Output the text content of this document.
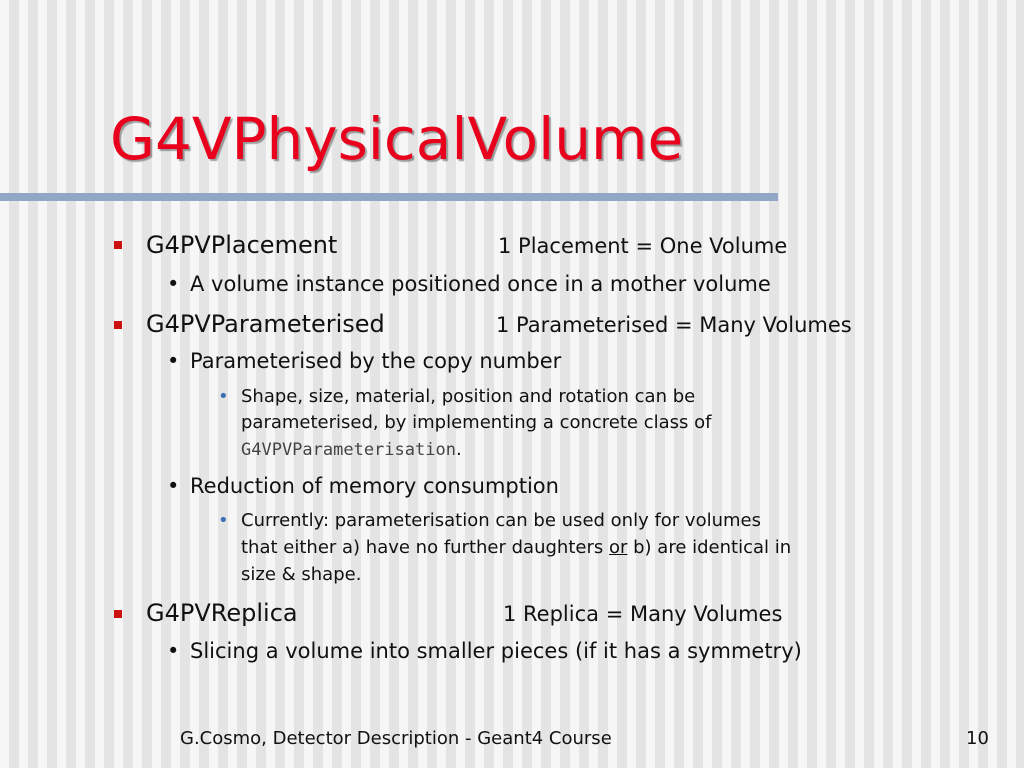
G4VPhysicalVolume
G4PVPlacement	1 Placement = One Volume
• A volume instance positioned once in a mother volume
G4PVParameterised	1 Parameterised = Many Volumes
• Parameterised by the copy number
• Shape, size, material, position and rotation can be
parameterised, by implementing a concrete class of
G4VPVParameterisation.
• Reduction of memory consumption
• Currently: parameterisation can be used only for volumes
that either a) have no further daughters or b) are identical in
size & shape.
G4PVReplica	1 Replica = Many Volumes
• Slicing a volume into smaller pieces (if it has a symmetry)
G.Cosmo, Detector Description - Geant4 Course	10
